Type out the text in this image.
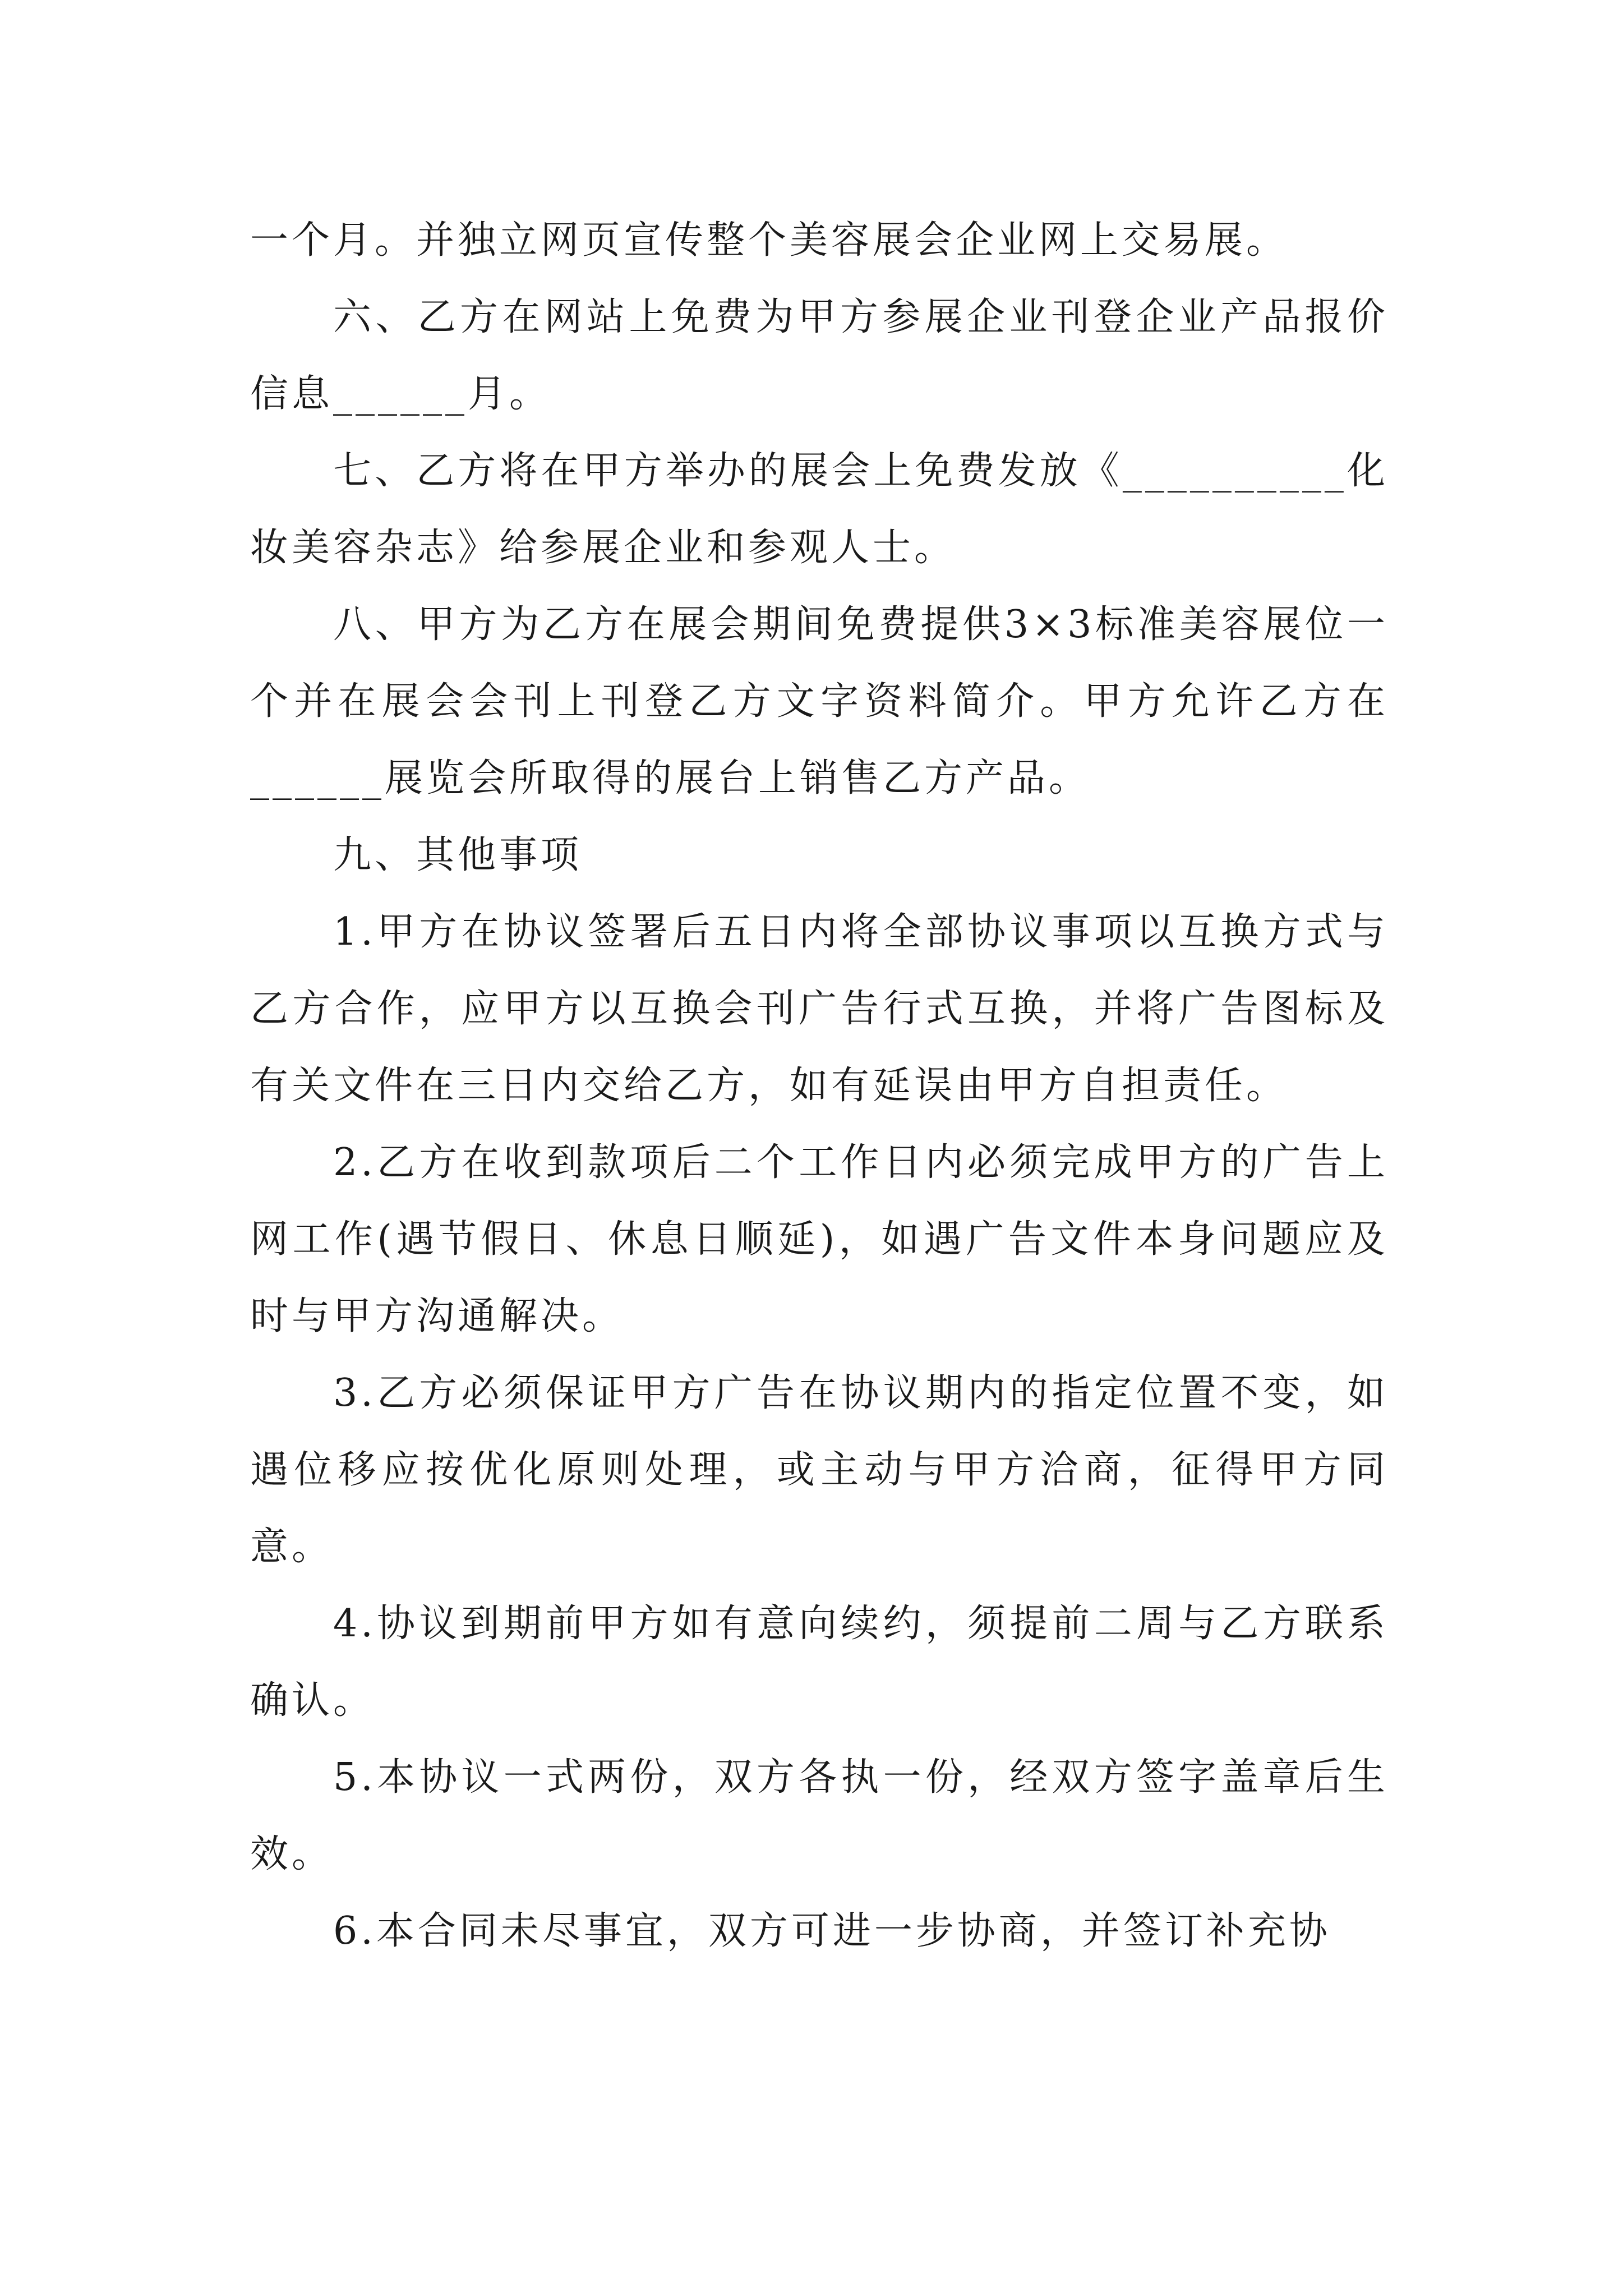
一个月。并独立网页宣传整个美容展会企业网上交易展。

六、乙方在网站上免费为甲方参展企业刊登企业产品报价信息______月。

七、乙方将在甲方举办的展会上免费发放《__________化妆美容杂志》给参展企业和参观人士。

八、甲方为乙方在展会期间免费提供3×3标准美容展位一个并在展会会刊上刊登乙方文字资料简介。甲方允许乙方在______展览会所取得的展台上销售乙方产品。

九、其他事项

1.甲方在协议签署后五日内将全部协议事项以互换方式与乙方合作，应甲方以互换会刊广告行式互换，并将广告图标及有关文件在三日内交给乙方，如有延误由甲方自担责任。

2.乙方在收到款项后二个工作日内必须完成甲方的广告上网工作(遇节假日、休息日顺延)，如遇广告文件本身问题应及时与甲方沟通解决。

3.乙方必须保证甲方广告在协议期内的指定位置不变，如遇位移应按优化原则处理，或主动与甲方洽商，征得甲方同意。

4.协议到期前甲方如有意向续约，须提前二周与乙方联系确认。

5.本协议一式两份，双方各执一份，经双方签字盖章后生效。

6.本合同未尽事宜，双方可进一步协商，并签订补充协
